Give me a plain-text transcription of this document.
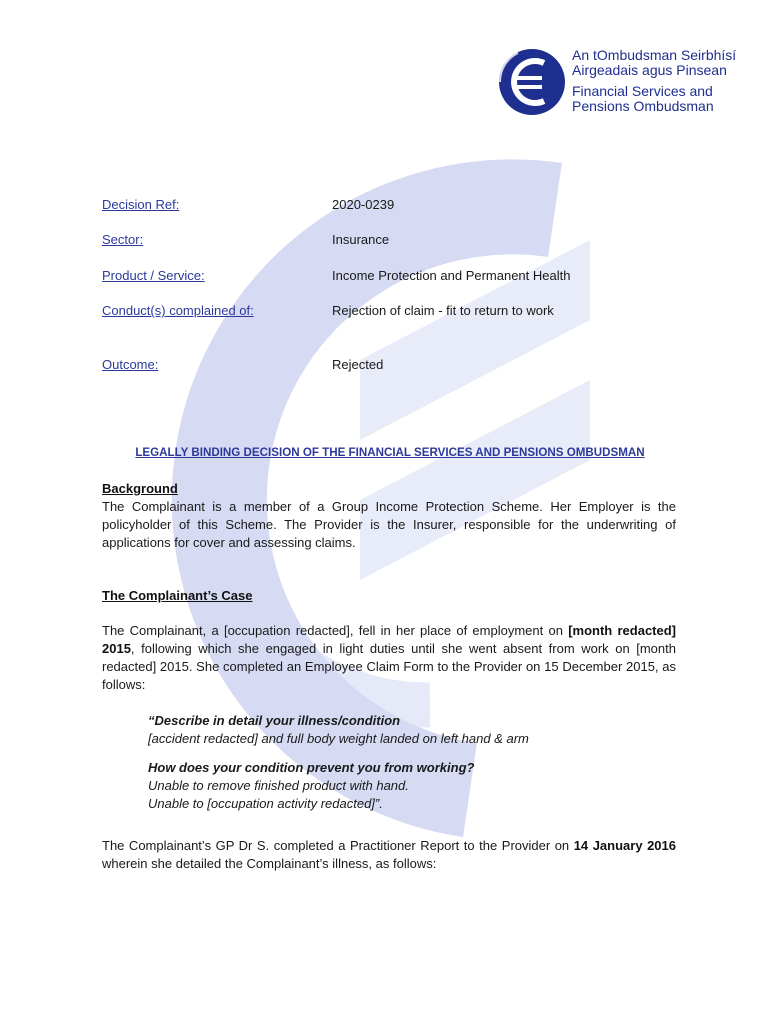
An tOmbudsman Seirbhísí
Airgeadais agus Pinsean
Financial Services and
Pensions Ombudsman
Decision Ref:	2020-0239
Sector:	Insurance
Product / Service:	Income Protection and Permanent Health
Conduct(s) complained of:	Rejection of claim - fit to return to work
Outcome:	Rejected
LEGALLY BINDING DECISION OF THE FINANCIAL SERVICES AND PENSIONS OMBUDSMAN
Background

The Complainant is a member of a Group Income Protection Scheme. Her Employer is the policyholder of this Scheme. The Provider is the Insurer, responsible for the underwriting of applications for cover and assessing claims.

The Complainant’s Case

The Complainant, a [occupation redacted], fell in her place of employment on [month redacted] 2015, following which she engaged in light duties until she went absent from work on [month redacted] 2015. She completed an Employee Claim Form to the Provider on 15 December 2015, as follows:

“Describe in detail your illness/condition
[accident redacted] and full body weight landed on left hand & arm
How does your condition prevent you from working?
Unable to remove finished product with hand.
Unable to [occupation activity redacted]”.

The Complainant’s GP Dr S. completed a Practitioner Report to the Provider on 14 January 2016 wherein she detailed the Complainant’s illness, as follows:
